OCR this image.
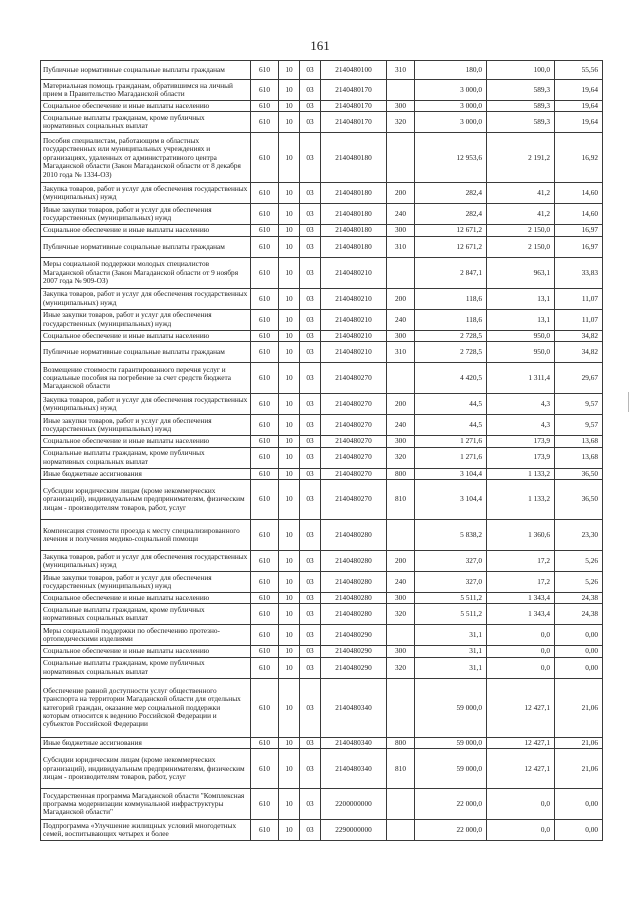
161
Публичные нормативные социальные выплаты гражданам	610	10	03	2140480100	310	180,0	100,0	55,56
Материальная помощь гражданам, обратившимся на личный прием в Правительство Магаданской области	610	10	03	2140480170		3 000,0	589,3	19,64
Социальное обеспечение и иные выплаты населению	610	10	03	2140480170	300	3 000,0	589,3	19,64
Социальные выплаты гражданам, кроме публичных нормативных социальных выплат	610	10	03	2140480170	320	3 000,0	589,3	19,64
Пособия специалистам, работающим в областных государственных или муниципальных учреждениях и организациях, удаленных от административного центра Магаданской области (Закон Магаданской области от 8 декабря 2010 года № 1334-ОЗ)	610	10	03	2140480180		12 953,6	2 191,2	16,92
Закупка товаров, работ и услуг для обеспечения государственных (муниципальных) нужд	610	10	03	2140480180	200	282,4	41,2	14,60
Иные закупки товаров, работ и услуг для обеспечения государственных (муниципальных) нужд	610	10	03	2140480180	240	282,4	41,2	14,60
Социальное обеспечение и иные выплаты населению	610	10	03	2140480180	300	12 671,2	2 150,0	16,97
Публичные нормативные социальные выплаты гражданам	610	10	03	2140480180	310	12 671,2	2 150,0	16,97
Меры социальной поддержки молодых специалистов Магаданской области (Закон Магаданской области от 9 ноября 2007 года № 909-ОЗ)	610	10	03	2140480210		2 847,1	963,1	33,83
Закупка товаров, работ и услуг для обеспечения государственных (муниципальных) нужд	610	10	03	2140480210	200	118,6	13,1	11,07
Иные закупки товаров, работ и услуг для обеспечения государственных (муниципальных) нужд	610	10	03	2140480210	240	118,6	13,1	11,07
Социальное обеспечение и иные выплаты населению	610	10	03	2140480210	300	2 728,5	950,0	34,82
Публичные нормативные социальные выплаты гражданам	610	10	03	2140480210	310	2 728,5	950,0	34,82
Возмещение стоимости гарантированного перечня услуг и социальные пособия на погребение за счет средств бюджета Магаданской области	610	10	03	2140480270		4 420,5	1 311,4	29,67
Закупка товаров, работ и услуг для обеспечения государственных (муниципальных) нужд	610	10	03	2140480270	200	44,5	4,3	9,57
Иные закупки товаров, работ и услуг для обеспечения государственных (муниципальных) нужд	610	10	03	2140480270	240	44,5	4,3	9,57
Социальное обеспечение и иные выплаты населению	610	10	03	2140480270	300	1 271,6	173,9	13,68
Социальные выплаты гражданам, кроме публичных нормативных социальных выплат	610	10	03	2140480270	320	1 271,6	173,9	13,68
Иные бюджетные ассигнования	610	10	03	2140480270	800	3 104,4	1 133,2	36,50
Субсидии юридическим лицам (кроме некоммерческих организаций), индивидуальным предпринимателям, физическим лицам - производителям товаров, работ, услуг	610	10	03	2140480270	810	3 104,4	1 133,2	36,50
Компенсация стоимости проезда к месту специализированного лечения и получения медико-социальной помощи	610	10	03	2140480280		5 838,2	1 360,6	23,30
Закупка товаров, работ и услуг для обеспечения государственных (муниципальных) нужд	610	10	03	2140480280	200	327,0	17,2	5,26
Иные закупки товаров, работ и услуг для обеспечения государственных (муниципальных) нужд	610	10	03	2140480280	240	327,0	17,2	5,26
Социальное обеспечение и иные выплаты населению	610	10	03	2140480280	300	5 511,2	1 343,4	24,38
Социальные выплаты гражданам, кроме публичных нормативных социальных выплат	610	10	03	2140480280	320	5 511,2	1 343,4	24,38
Меры социальной поддержки по обеспечению протезно-ортопедическими изделиями	610	10	03	2140480290		31,1	0,0	0,00
Социальное обеспечение и иные выплаты населению	610	10	03	2140480290	300	31,1	0,0	0,00
Социальные выплаты гражданам, кроме публичных нормативных социальных выплат	610	10	03	2140480290	320	31,1	0,0	0,00
Обеспечение равной доступности услуг общественного транспорта на территории Магаданской области для отдельных категорий граждан, оказание мер социальной поддержки которым относится к ведению Российской Федерации и субъектов Российской Федерации	610	10	03	2140480340		59 000,0	12 427,1	21,06
Иные бюджетные ассигнования	610	10	03	2140480340	800	59 000,0	12 427,1	21,06
Субсидии юридическим лицам (кроме некоммерческих организаций), индивидуальным предпринимателям, физическим лицам - производителям товаров, работ, услуг	610	10	03	2140480340	810	59 000,0	12 427,1	21,06
Государственная программа Магаданской области "Комплексная программа модернизации коммунальной инфраструктуры Магаданской области"	610	10	03	2200000000		22 000,0	0,0	0,00
Подпрограмма «Улучшение жилищных условий многодетных семей, воспитывающих четырех и более	610	10	03	2290000000		22 000,0	0,0	0,00
